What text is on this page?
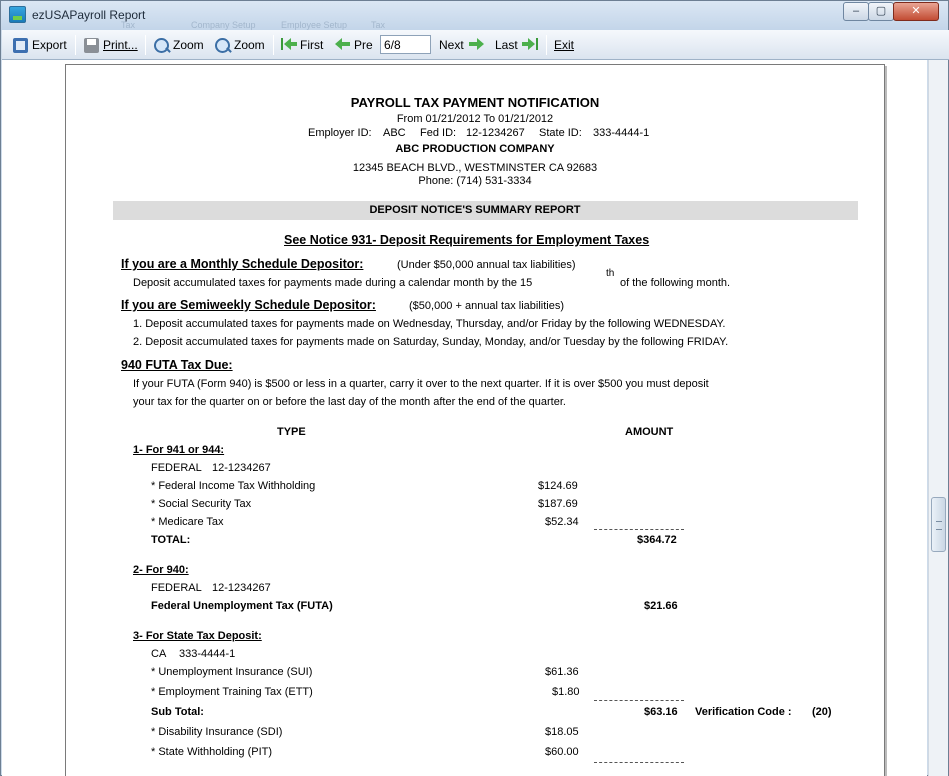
ezUSAPayroll Report
Tax	Company Setup	Employee Setup	Tax
‒	▢	✕
Export	Print...	Zoom	Zoom	First	Pre 6/8	Next	Last	Exit
PAYROLL TAX PAYMENT NOTIFICATION
From 01/21/2012 To 01/21/2012
Employer ID: ABC Fed ID: 12-1234267 State ID: 333-4444-1
ABC PRODUCTION COMPANY
12345 BEACH BLVD., WESTMINSTER CA 92683
Phone: (714) 531-3334
DEPOSIT NOTICE'S SUMMARY REPORT
See Notice 931- Deposit Requirements for Employment Taxes
If you are a Monthly Schedule Depositor:	(Under $50,000 annual tax liabilities)
Deposit accumulated taxes for payments made during a calendar month by the 15
th
of the following month.
If you are Semiweekly Schedule Depositor:	($50,000 + annual tax liabilities)
1. Deposit accumulated taxes for payments made on Wednesday, Thursday, and/or Friday by the following WEDNESDAY.
2. Deposit accumulated taxes for payments made on Saturday, Sunday, Monday, and/or Tuesday by the following FRIDAY.
940 FUTA Tax Due:
If your FUTA (Form 940) is $500 or less in a quarter, carry it over to the next quarter. If it is over $500 you must deposit
your tax for the quarter on or before the last day of the month after the end of the quarter.
TYPE	AMOUNT
1- For 941 or 944:
FEDERAL 12-1234267
* Federal Income Tax Withholding	$124.69
* Social Security Tax	$187.69
* Medicare Tax	$52.34
TOTAL:	$364.72
2- For 940:
FEDERAL 12-1234267
Federal Unemployment Tax (FUTA)	$21.66
3- For State Tax Deposit:
CA 333-4444-1
* Unemployment Insurance (SUI)	$61.36
* Employment Training Tax (ETT)	$1.80
Sub Total:	$63.16 Verification Code : (20)
* Disability Insurance (SDI)	$18.05
* State Withholding (PIT)	$60.00
